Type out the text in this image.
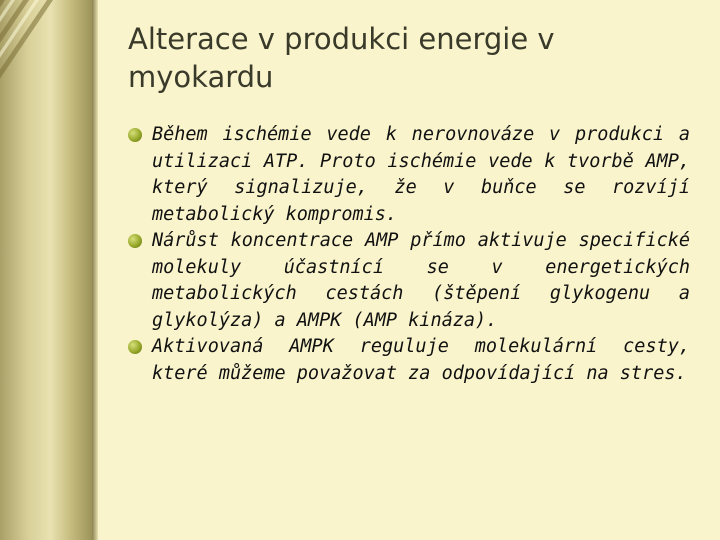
Alterace v produkci energie v
myokardu
Během ischémie vede k nerovnováze v produkci a utilizaci ATP. Proto ischémie vede k tvorbě AMP, který signalizuje, že v buňce se rozvíjí metabolický kompromis.
Nárůst koncentrace AMP přímo aktivuje specifické molekuly účastnící se v energetických metabolických cestách (štěpení glykogenu a glykolýza) a AMPK (AMP kináza).
Aktivovaná AMPK reguluje molekulární cesty, které můžeme považovat za odpovídající na stres.
